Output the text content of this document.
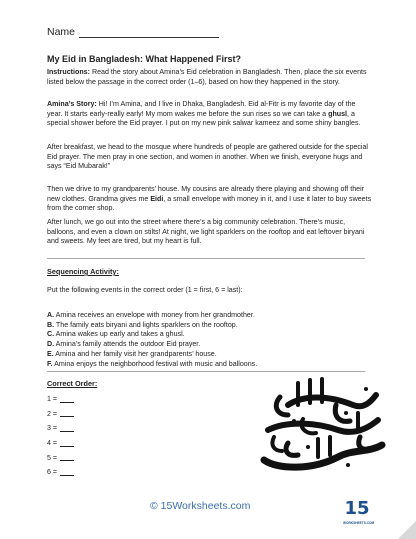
Name
My Eid in Bangladesh: What Happened First?

Instructions: Read the story about Amina’s Eid celebration in Bangladesh. Then, place the six events listed below the passage in the correct order (1–6), based on how they happened in the story.

Amina’s Story: Hi! I’m Amina, and I live in Dhaka, Bangladesh. Eid al-Fitr is my favorite day of the year. It starts early-really early! My mom wakes me before the sun rises so we can take a ghusl, a special shower before the Eid prayer. I put on my new pink salwar kameez and some shiny bangles.

After breakfast, we head to the mosque where hundreds of people are gathered outside for the special Eid prayer. The men pray in one section, and women in another. When we finish, everyone hugs and says “Eid Mubarak!”

Then we drive to my grandparents’ house. My cousins are already there playing and showing off their new clothes. Grandma gives me Eidi, a small envelope with money in it, and I use it later to buy sweets from the corner shop.

After lunch, we go out into the street where there’s a big community celebration. There’s music, balloons, and even a clown on stilts! At night, we light sparklers on the rooftop and eat leftover biryani and sweets. My feet are tired, but my heart is full.

Sequencing Activity:

Put the following events in the correct order (1 = first, 6 = last):

A. Amina receives an envelope with money from her grandmother.
B. The family eats biryani and lights sparklers on the rooftop.
C. Amina wakes up early and takes a ghusl.
D. Amina’s family attends the outdoor Eid prayer.
E. Amina and her family visit her grandparents’ house.
F. Amina enjoys the neighborhood festival with music and balloons.
Correct Order:
1 =
2 =
3 =
4 =
5 =
6 =
© 15Worksheets.com	15
WORKSHEETS.COM
